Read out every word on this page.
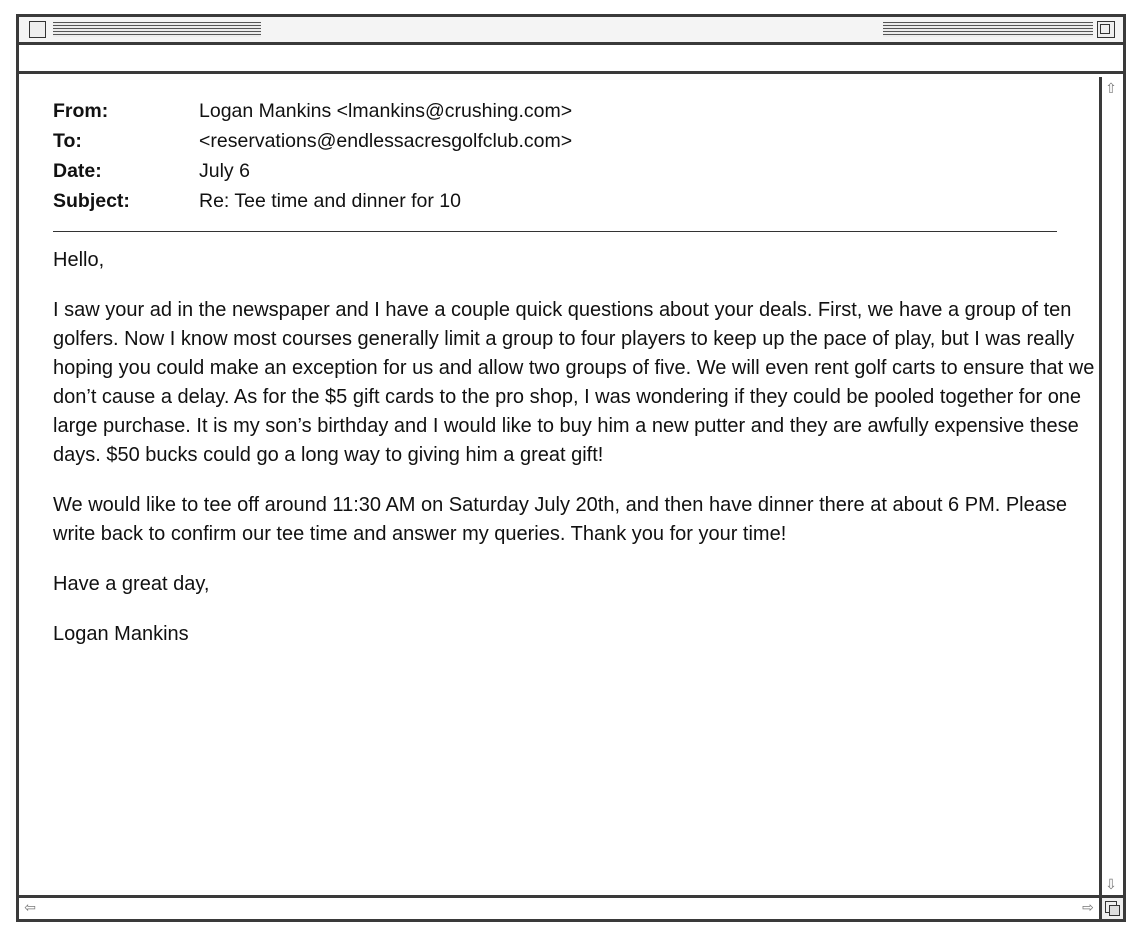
From:	Logan Mankins <lmankins@crushing.com>
To:	<reservations@endlessacresgolfclub.com>
Date:	July 6
Subject:	Re: Tee time and dinner for 10

Hello,

I saw your ad in the newspaper and I have a couple quick questions about your deals. First, we have a group of ten golfers. Now I know most courses generally limit a group to four players to keep up the pace of play, but I was really hoping you could make an exception for us and allow two groups of five. We will even rent golf carts to ensure that we don’t cause a delay. As for the $5 gift cards to the pro shop, I was wondering if they could be pooled together for one large purchase. It is my son’s birthday and I would like to buy him a new putter and they are awfully expensive these days. $50 bucks could go a long way to giving him a great gift!

We would like to tee off around 11:30 AM on Saturday July 20th, and then have dinner there at about 6 PM. Please write back to confirm our tee time and answer my queries. Thank you for your time!

Have a great day,

Logan Mankins

⇧
⇩
⇦	⇨
